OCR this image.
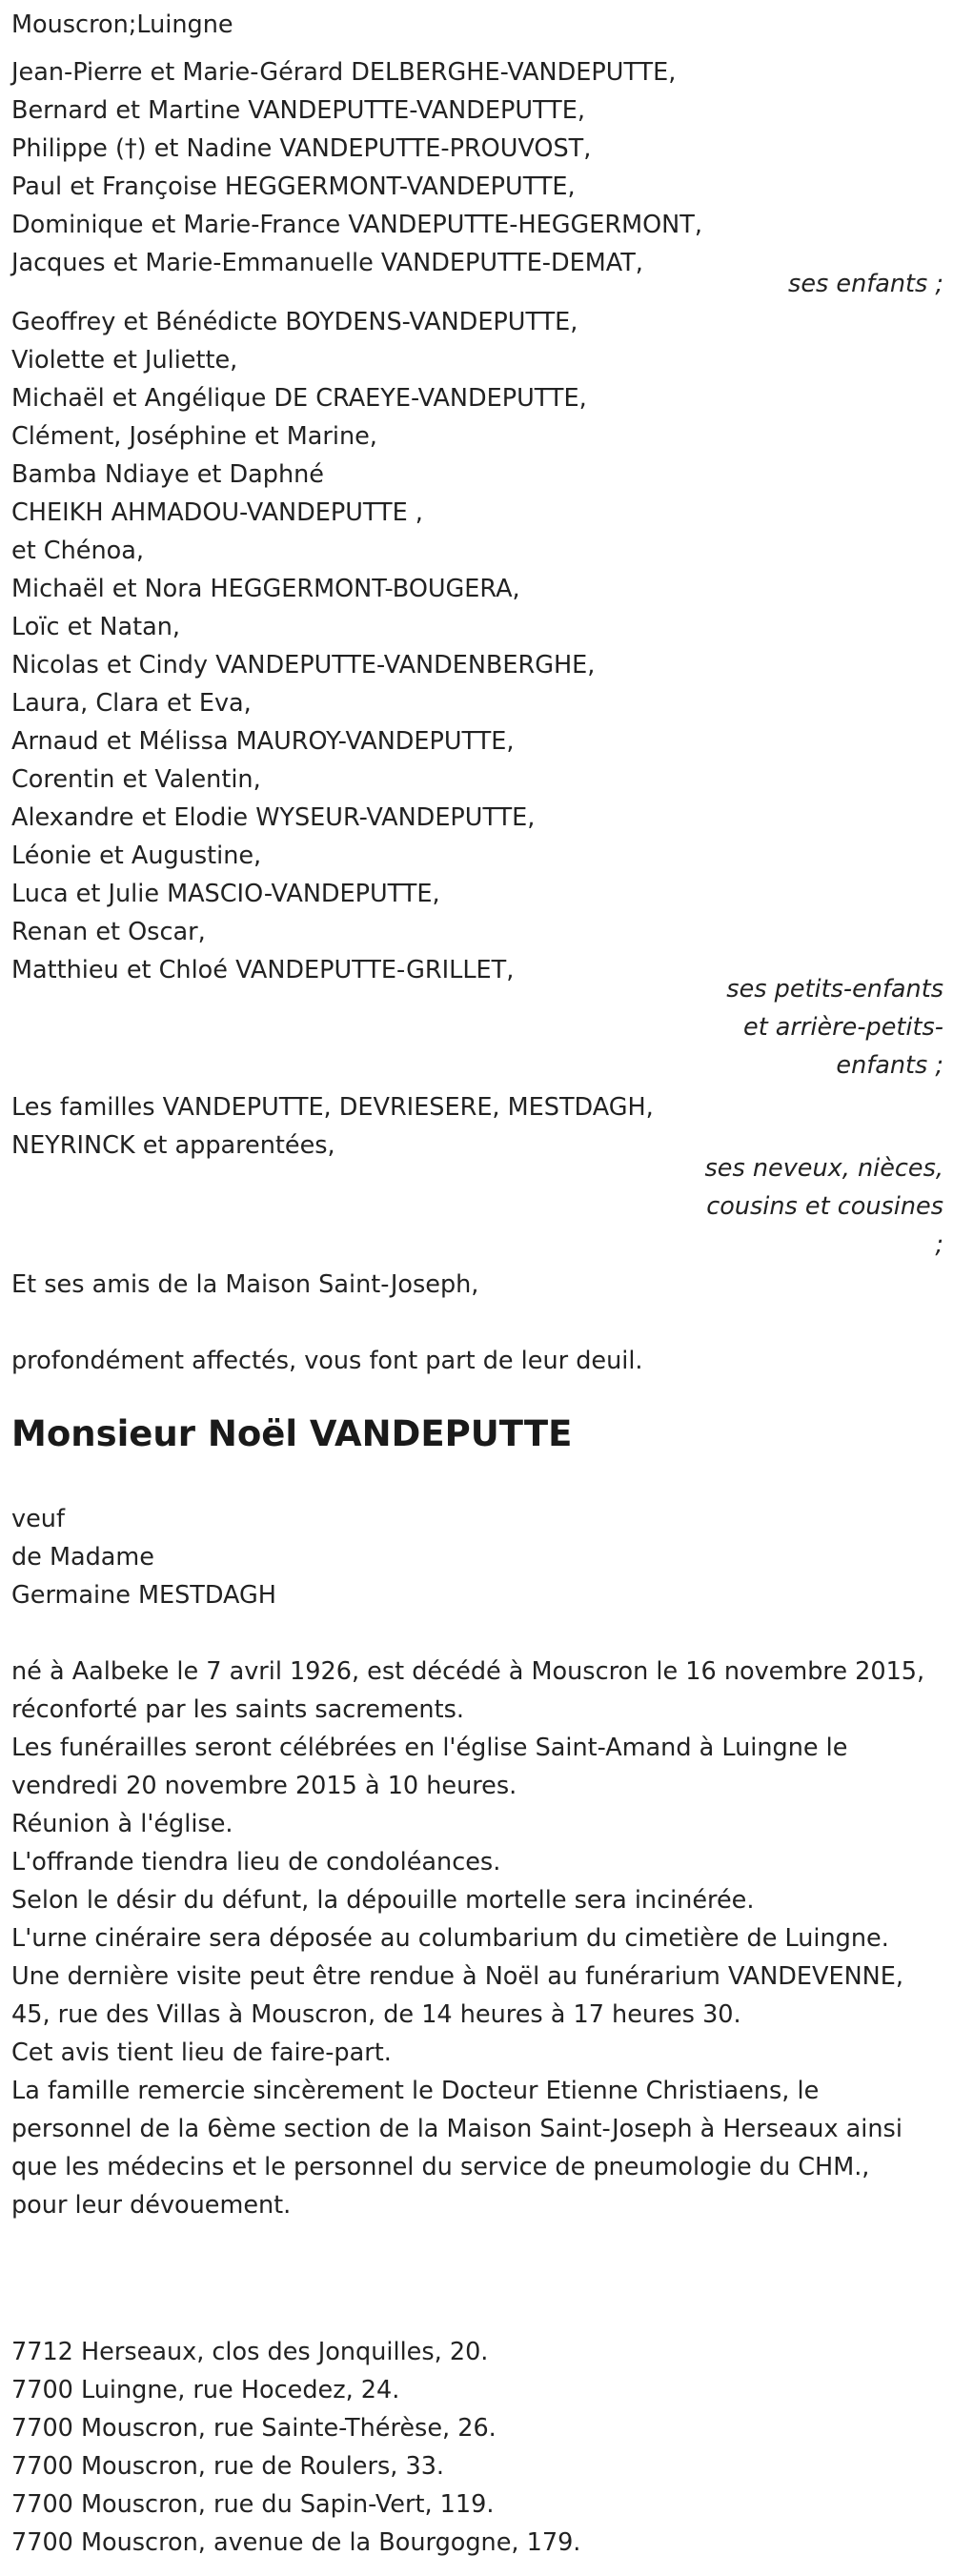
Mouscron;Luingne
Jean-Pierre et Marie-Gérard DELBERGHE-VANDEPUTTE,
Bernard et Martine VANDEPUTTE-VANDEPUTTE,
Philippe (†) et Nadine VANDEPUTTE-PROUVOST,
Paul et Françoise HEGGERMONT-VANDEPUTTE,
Dominique et Marie-France VANDEPUTTE-HEGGERMONT,
Jacques et Marie-Emmanuelle VANDEPUTTE-DEMAT,
ses enfants ;
Geoffrey et Bénédicte BOYDENS-VANDEPUTTE,
Violette et Juliette,
Michaël et Angélique DE CRAEYE-VANDEPUTTE,
Clément, Joséphine et Marine,
Bamba Ndiaye et Daphné
CHEIKH AHMADOU-VANDEPUTTE ,
et Chénoa,
Michaël et Nora HEGGERMONT-BOUGERA,
Loïc et Natan,
Nicolas et Cindy VANDEPUTTE-VANDENBERGHE,
Laura, Clara et Eva,
Arnaud et Mélissa MAUROY-VANDEPUTTE,
Corentin et Valentin,
Alexandre et Elodie WYSEUR-VANDEPUTTE,
Léonie et Augustine,
Luca et Julie MASCIO-VANDEPUTTE,
Renan et Oscar,
Matthieu et Chloé VANDEPUTTE-GRILLET,
ses petits-enfants
et arrière-petits-
enfants ;
Les familles VANDEPUTTE, DEVRIESERE, MESTDAGH,
NEYRINCK et apparentées,
ses neveux, nièces,
cousins et cousines
;
Et ses amis de la Maison Saint-Joseph,
profondément affectés, vous font part de leur deuil.
Monsieur Noël VANDEPUTTE
veuf
de Madame
Germaine MESTDAGH
né à Aalbeke le 7 avril 1926, est décédé à Mouscron le 16 novembre 2015,
réconforté par les saints sacrements.
Les funérailles seront célébrées en l'église Saint-Amand à Luingne le
vendredi 20 novembre 2015 à 10 heures.
Réunion à l'église.
L'offrande tiendra lieu de condoléances.
Selon le désir du défunt, la dépouille mortelle sera incinérée.
L'urne cinéraire sera déposée au columbarium du cimetière de Luingne.
Une dernière visite peut être rendue à Noël au funérarium VANDEVENNE,
45, rue des Villas à Mouscron, de 14 heures à 17 heures 30.
Cet avis tient lieu de faire-part.
La famille remercie sincèrement le Docteur Etienne Christiaens, le
personnel de la 6ème section de la Maison Saint-Joseph à Herseaux ainsi
que les médecins et le personnel du service de pneumologie du CHM.,
pour leur dévouement.
7712 Herseaux, clos des Jonquilles, 20.
7700 Luingne, rue Hocedez, 24.
7700 Mouscron, rue Sainte-Thérèse, 26.
7700 Mouscron, rue de Roulers, 33.
7700 Mouscron, rue du Sapin-Vert, 119.
7700 Mouscron, avenue de la Bourgogne, 179.
